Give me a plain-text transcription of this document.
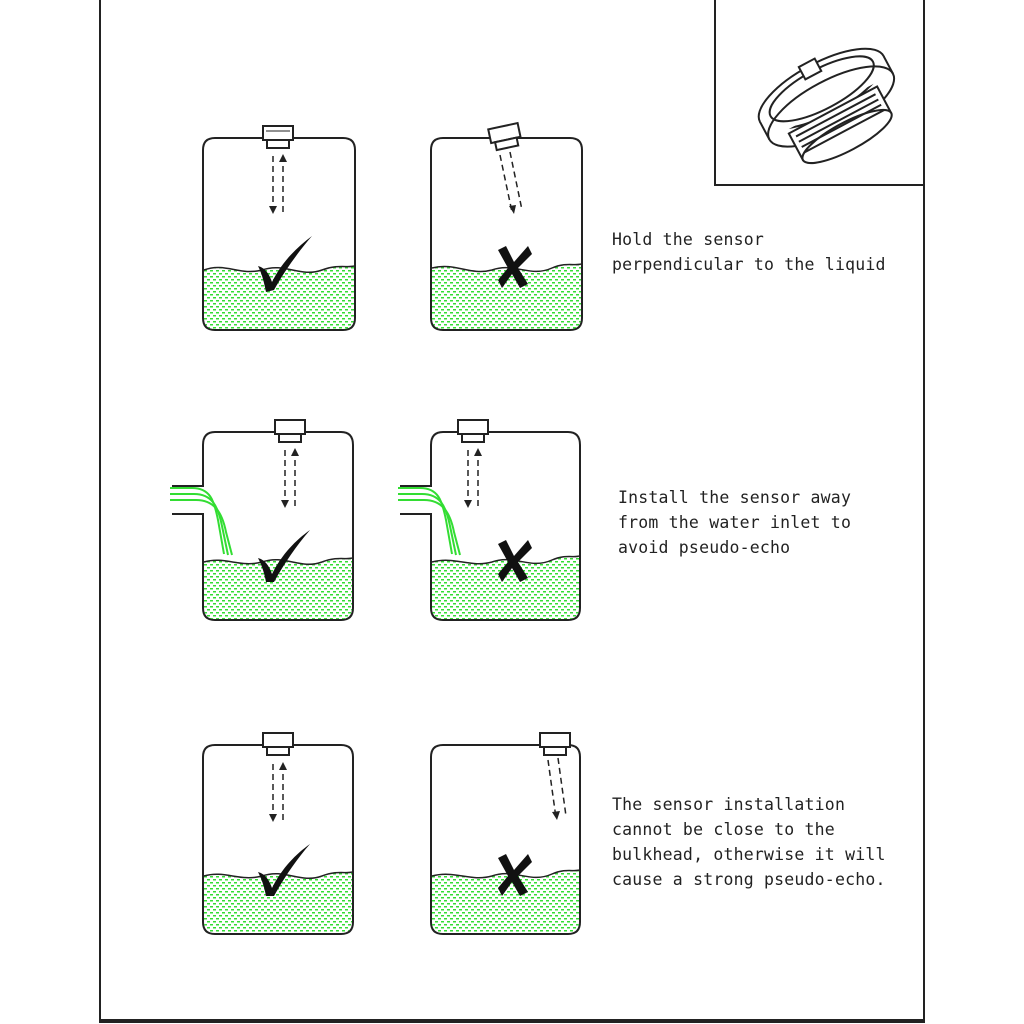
Hold the sensor
perpendicular to the liquid
Install the sensor away
from the water inlet to
avoid pseudo-echo
The sensor installation
cannot be close to the
bulkhead, otherwise it will
cause a strong pseudo-echo.
